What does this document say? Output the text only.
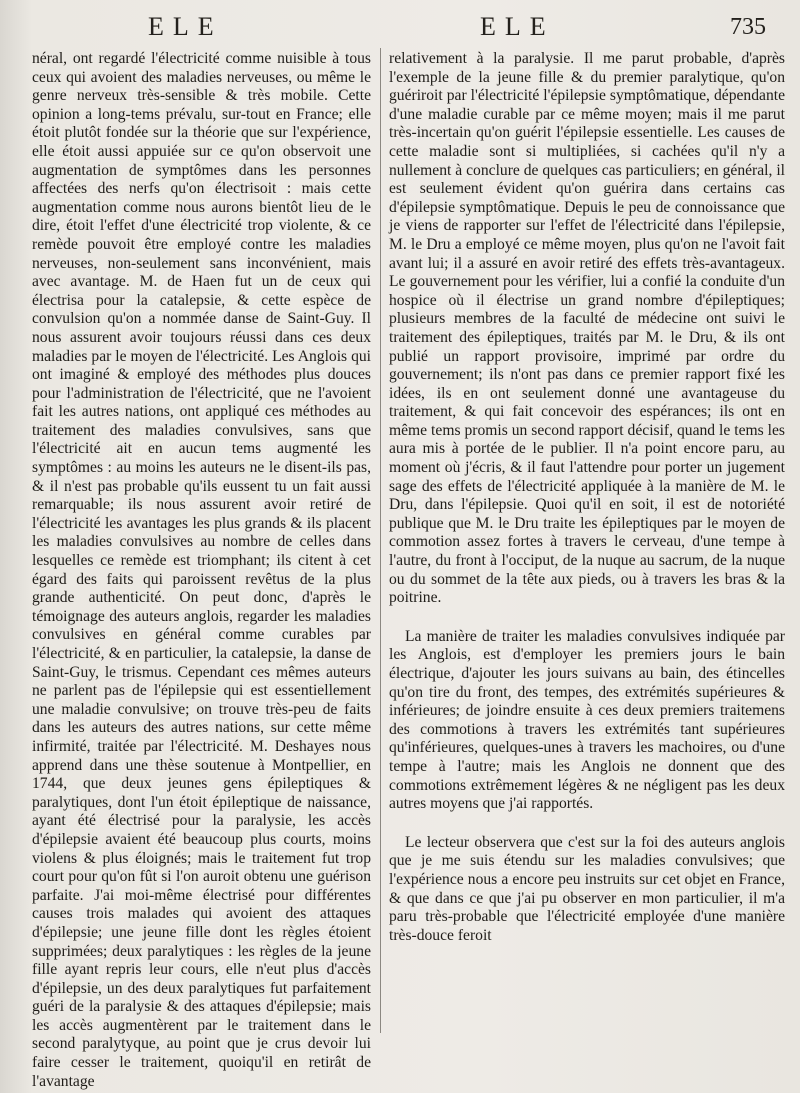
ELE	ELE	735

néral, ont regardé l'électricité comme nuisible à tous ceux qui avoient des maladies nerveuses, ou même le genre nerveux très-sensible & très mobile. Cette opinion a long-tems prévalu, sur-tout en France; elle étoit plutôt fondée sur la théorie que sur l'expérience, elle étoit aussi appuiée sur ce qu'on observoit une augmentation de symptômes dans les personnes affectées des nerfs qu'on électrisoit : mais cette augmentation comme nous aurons bientôt lieu de le dire, étoit l'effet d'une électricité trop violente, & ce remède pouvoit être employé contre les maladies nerveuses, non-seulement sans inconvénient, mais avec avantage. M. de Haen fut un de ceux qui électrisa pour la catalepsie, & cette espèce de convulsion qu'on a nommée danse de Saint-Guy. Il nous assurent avoir toujours réussi dans ces deux maladies par le moyen de l'électricité. Les Anglois qui ont imaginé & employé des méthodes plus douces pour l'administration de l'électricité, que ne l'avoient fait les autres nations, ont appliqué ces méthodes au traitement des maladies convulsives, sans que l'électricité ait en aucun tems augmenté les symptômes : au moins les auteurs ne le disent-ils pas, & il n'est pas probable qu'ils eussent tu un fait aussi remarquable; ils nous assurent avoir retiré de l'électricité les avantages les plus grands & ils placent les maladies convulsives au nombre de celles dans lesquelles ce remède est triomphant; ils citent à cet égard des faits qui paroissent revêtus de la plus grande authenticité. On peut donc, d'après le témoignage des auteurs anglois, regarder les maladies convulsives en général comme curables par l'électricité, & en particulier, la catalepsie, la danse de Saint-Guy, le trismus. Cependant ces mêmes auteurs ne parlent pas de l'épilepsie qui est essentiellement une maladie convulsive; on trouve très-peu de faits dans les auteurs des autres nations, sur cette même infirmité, traitée par l'électricité. M. Deshayes nous apprend dans une thèse soutenue à Montpellier, en 1744, que deux jeunes gens épileptiques & paralytiques, dont l'un étoit épileptique de naissance, ayant été électrisé pour la paralysie, les accès d'épilepsie avaient été beaucoup plus courts, moins violens & plus éloignés; mais le traitement fut trop court pour qu'on fût si l'on auroit obtenu une guérison parfaite. J'ai moi-même électrisé pour différentes causes trois malades qui avoient des attaques d'épilepsie; une jeune fille dont les règles étoient supprimées; deux paralytiques : les règles de la jeune fille ayant repris leur cours, elle n'eut plus d'accès d'épilepsie, un des deux paralytiques fut parfaitement guéri de la paralysie & des attaques d'épilepsie; mais les accès augmentèrent par le traitement dans le second paralytyque, au point que je crus devoir lui faire cesser le traitement, quoiqu'il en retirât de l'avantage

relativement à la paralysie. Il me parut probable, d'après l'exemple de la jeune fille & du premier paralytique, qu'on guériroit par l'électricité l'épilepsie symptômatique, dépendante d'une maladie curable par ce même moyen; mais il me parut très-incertain qu'on guérit l'épilepsie essentielle. Les causes de cette maladie sont si multipliées, si cachées qu'il n'y a nullement à conclure de quelques cas particuliers; en général, il est seulement évident qu'on guérira dans certains cas d'épilepsie symptômatique. Depuis le peu de connoissance que je viens de rapporter sur l'effet de l'électricité dans l'épilepsie, M. le Dru a employé ce même moyen, plus qu'on ne l'avoit fait avant lui; il a assuré en avoir retiré des effets très-avantageux. Le gouvernement pour les vérifier, lui a confié la conduite d'un hospice où il électrise un grand nombre d'épileptiques; plusieurs membres de la faculté de médecine ont suivi le traitement des épileptiques, traités par M. le Dru, & ils ont publié un rapport provisoire, imprimé par ordre du gouvernement; ils n'ont pas dans ce premier rapport fixé les idées, ils en ont seulement donné une avantageuse du traitement, & qui fait concevoir des espérances; ils ont en même tems promis un second rapport décisif, quand le tems les aura mis à portée de le publier. Il n'a point encore paru, au moment où j'écris, & il faut l'attendre pour porter un jugement sage des effets de l'électricité appliquée à la manière de M. le Dru, dans l'épilepsie. Quoi qu'il en soit, il est de notoriété publique que M. le Dru traite les épileptiques par le moyen de commotion assez fortes à travers le cerveau, d'une tempe à l'autre, du front à l'occiput, de la nuque au sacrum, de la nuque ou du sommet de la tête aux pieds, ou à travers les bras & la poitrine.

La manière de traiter les maladies convulsives indiquée par les Anglois, est d'employer les premiers jours le bain électrique, d'ajouter les jours suivans au bain, des étincelles qu'on tire du front, des tempes, des extrémités supérieures & inférieures; de joindre ensuite à ces deux premiers traitemens des commotions à travers les extrémités tant supérieures qu'inférieures, quelques-unes à travers les machoires, ou d'une tempe à l'autre; mais les Anglois ne donnent que des commotions extrêmement légères & ne négligent pas les deux autres moyens que j'ai rapportés.

Le lecteur observera que c'est sur la foi des auteurs anglois que je me suis étendu sur les maladies convulsives; que l'expérience nous a encore peu instruits sur cet objet en France, & que dans ce que j'ai pu observer en mon particulier, il m'a paru très-probable que l'électricité employée d'une manière très-douce feroit
